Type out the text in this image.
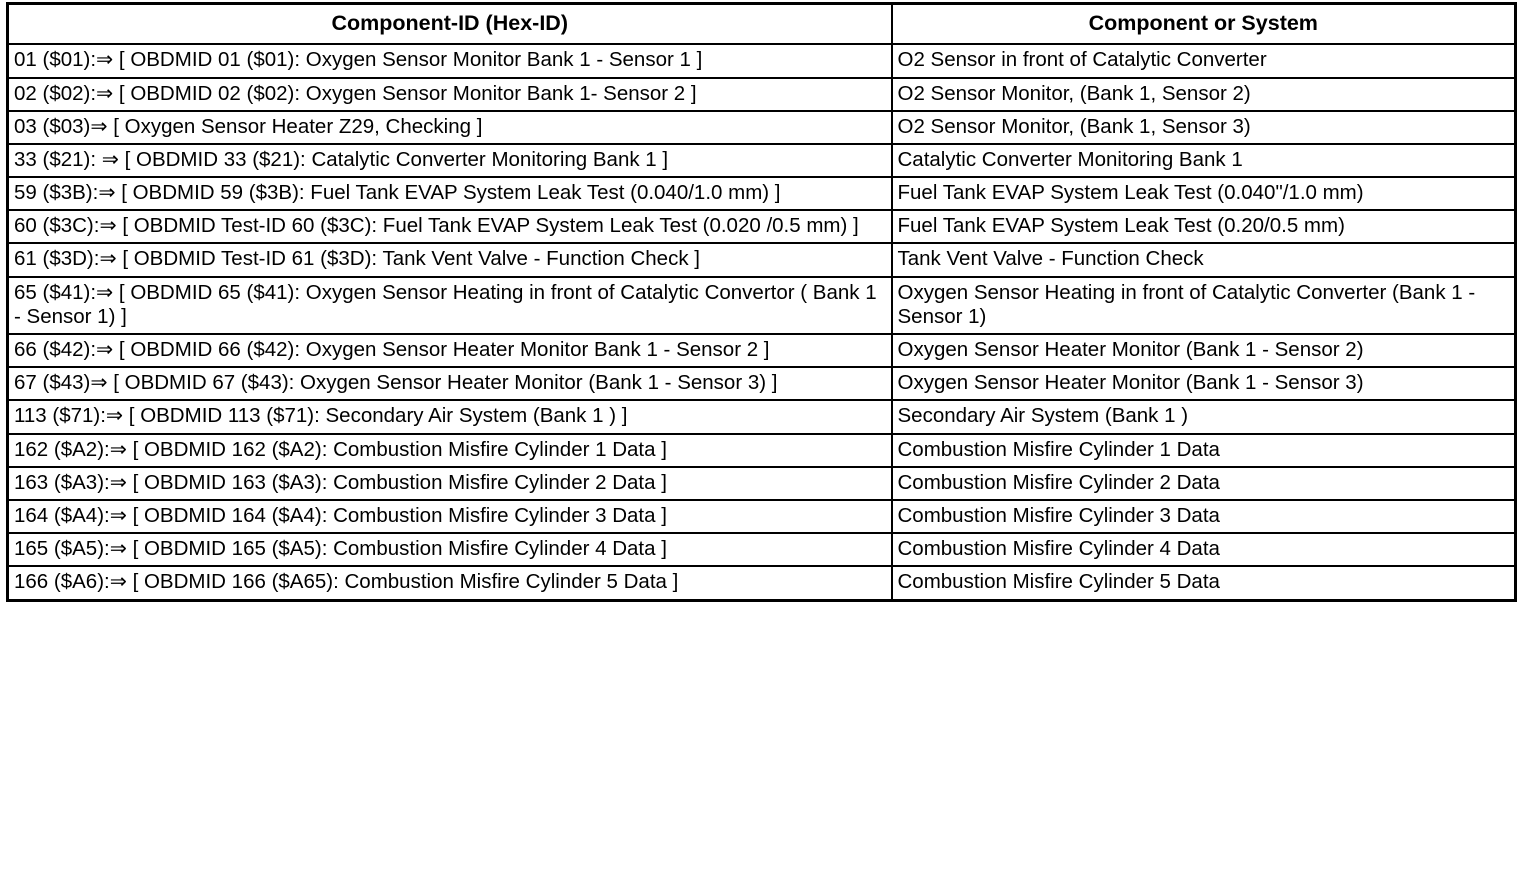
Component-ID (Hex-ID)	Component or System
01 ($01):⇒ [ OBDMID 01 ($01): Oxygen Sensor Monitor Bank 1 - Sensor 1 ]	O2 Sensor in front of Catalytic Converter
02 ($02):⇒ [ OBDMID 02 ($02): Oxygen Sensor Monitor Bank 1- Sensor 2 ]	O2 Sensor Monitor, (Bank 1, Sensor 2)
03 ($03)⇒ [ Oxygen Sensor Heater Z29, Checking ]	O2 Sensor Monitor, (Bank 1, Sensor 3)
33 ($21): ⇒ [ OBDMID 33 ($21): Catalytic Converter Monitoring Bank 1 ]	Catalytic Converter Monitoring Bank 1
59 ($3B):⇒ [ OBDMID 59 ($3B): Fuel Tank EVAP System Leak Test (0.040/1.0 mm) ]	Fuel Tank EVAP System Leak Test (0.040"/1.0 mm)
60 ($3C):⇒ [ OBDMID Test-ID 60 ($3C): Fuel Tank EVAP System Leak Test (0.020 /0.5 mm) ]	Fuel Tank EVAP System Leak Test (0.20/0.5 mm)
61 ($3D):⇒ [ OBDMID Test-ID 61 ($3D): Tank Vent Valve - Function Check ]	Tank Vent Valve - Function Check
65 ($41):⇒ [ OBDMID 65 ($41): Oxygen Sensor Heating in front of Catalytic Convertor ( Bank 1 - Sensor 1) ]	Oxygen Sensor Heating in front of Catalytic Converter (Bank 1 - Sensor 1)
66 ($42):⇒ [ OBDMID 66 ($42): Oxygen Sensor Heater Monitor Bank 1 - Sensor 2 ]	Oxygen Sensor Heater Monitor (Bank 1 - Sensor 2)
67 ($43)⇒ [ OBDMID 67 ($43): Oxygen Sensor Heater Monitor (Bank 1 - Sensor 3) ]	Oxygen Sensor Heater Monitor (Bank 1 - Sensor 3)
113 ($71):⇒ [ OBDMID 113 ($71): Secondary Air System (Bank 1 ) ]	Secondary Air System (Bank 1 )
162 ($A2):⇒ [ OBDMID 162 ($A2): Combustion Misfire Cylinder 1 Data ]	Combustion Misfire Cylinder 1 Data
163 ($A3):⇒ [ OBDMID 163 ($A3): Combustion Misfire Cylinder 2 Data ]	Combustion Misfire Cylinder 2 Data
164 ($A4):⇒ [ OBDMID 164 ($A4): Combustion Misfire Cylinder 3 Data ]	Combustion Misfire Cylinder 3 Data
165 ($A5):⇒ [ OBDMID 165 ($A5): Combustion Misfire Cylinder 4 Data ]	Combustion Misfire Cylinder 4 Data
166 ($A6):⇒ [ OBDMID 166 ($A65): Combustion Misfire Cylinder 5 Data ]	Combustion Misfire Cylinder 5 Data
